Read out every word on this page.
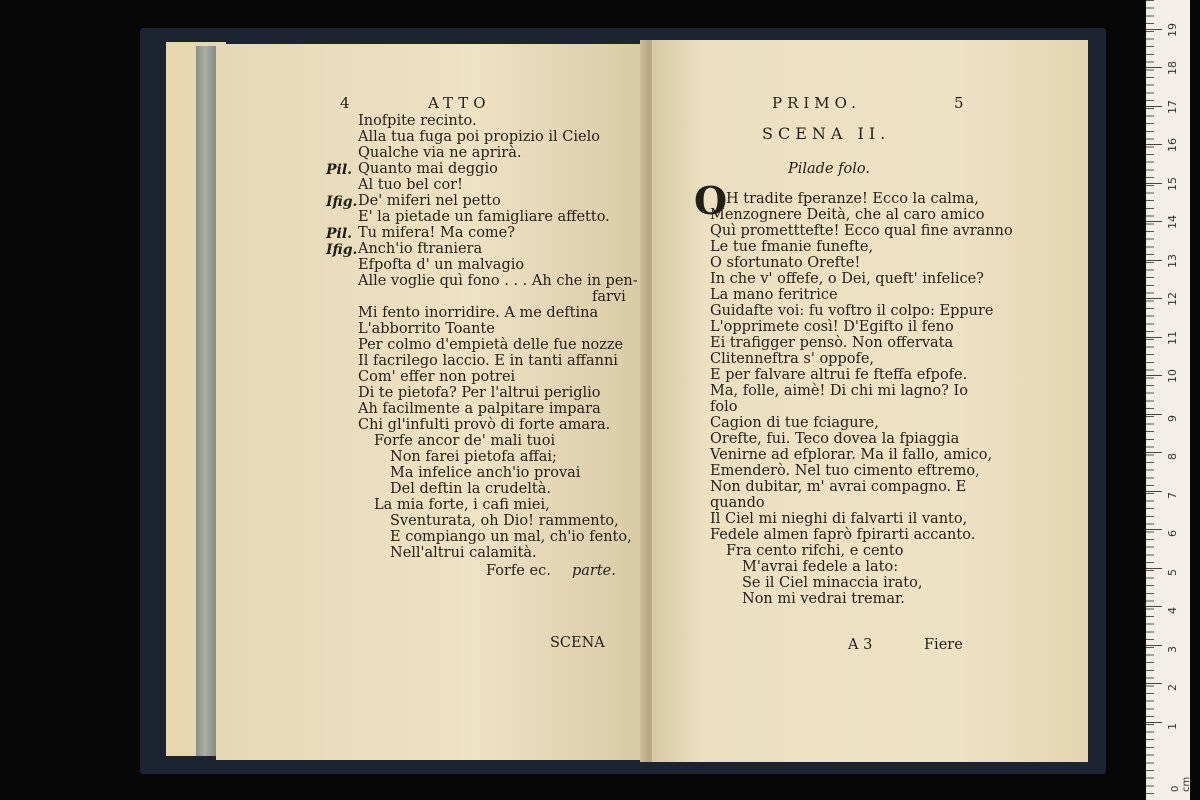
4	ATTO
Pil.
Ifig.
Pil.
Ifig.
Inofpite recinto.
Alla tua fuga poi propizio il Cielo
Qualche via ne aprirà.
Quanto mai deggio
Al tuo bel cor!
De' miferi nel petto
E' la pietade un famigliare affetto.
Tu mifera! Ma come?
Anch'io ftraniera
Efpofta d' un malvagio
Alle voglie quì fono . . . Ah che in pen-
farvi
Mi fento inorridire. A me deftina
L'abborrito Toante
Per colmo d'empietà delle fue nozze
Il facrilego laccio. E in tanti affanni
Com' effer non potrei
Di te pietofa? Per l'altrui periglio
Ah facilmente a palpitare impara
Chi gl'infulti provò di forte amara.
Forfe ancor de' mali tuoi
Non farei pietofa affai;
Ma infelice anch'io provai
Del deftin la crudeltà.
La mia forte, i cafi miei,
Sventurata, oh Dio! rammento,
E compiango un mal, ch'io fento,
Nell'altrui calamità.
Forfe ec. parte.
SCENA
PRIMO.	5
SCENA II.
Pilade folo.
O
H tradite fperanze! Ecco la calma,
Menzognere Deità, che al caro amico
Quì prometttefte! Ecco qual fine avranno
Le tue fmanie funefte,
O sfortunato Orefte!
In che v' offefe, o Dei, queft' infelice?
La mano feritrice
Guidafte voi: fu voftro il colpo: Eppure
L'opprimete così! D'Egifto il feno
Ei trafigger pensò. Non offervata
Clitenneftra s' oppofe,
E per falvare altrui fe fteffa efpofe.
Ma, folle, aimè! Di chi mi lagno? Io
folo
Cagion di tue fciagure,
Orefte, fui. Teco dovea la fpiaggia
Venirne ad efplorar. Ma il fallo, amico,
Emenderò. Nel tuo cimento eftremo,
Non dubitar, m' avrai compagno. E
quando
Il Ciel mi nieghi di falvarti il vanto,
Fedele almen faprò fpirarti accanto.
Fra cento rifchi, e cento
M'avrai fedele a lato:
Se il Ciel minaccia irato,
Non mi vedrai tremar.
A 3	Fiere
0 cm
1
2
3
4
5
6
7
8
9
10
11
12
13
14
15
16
17
18
19
